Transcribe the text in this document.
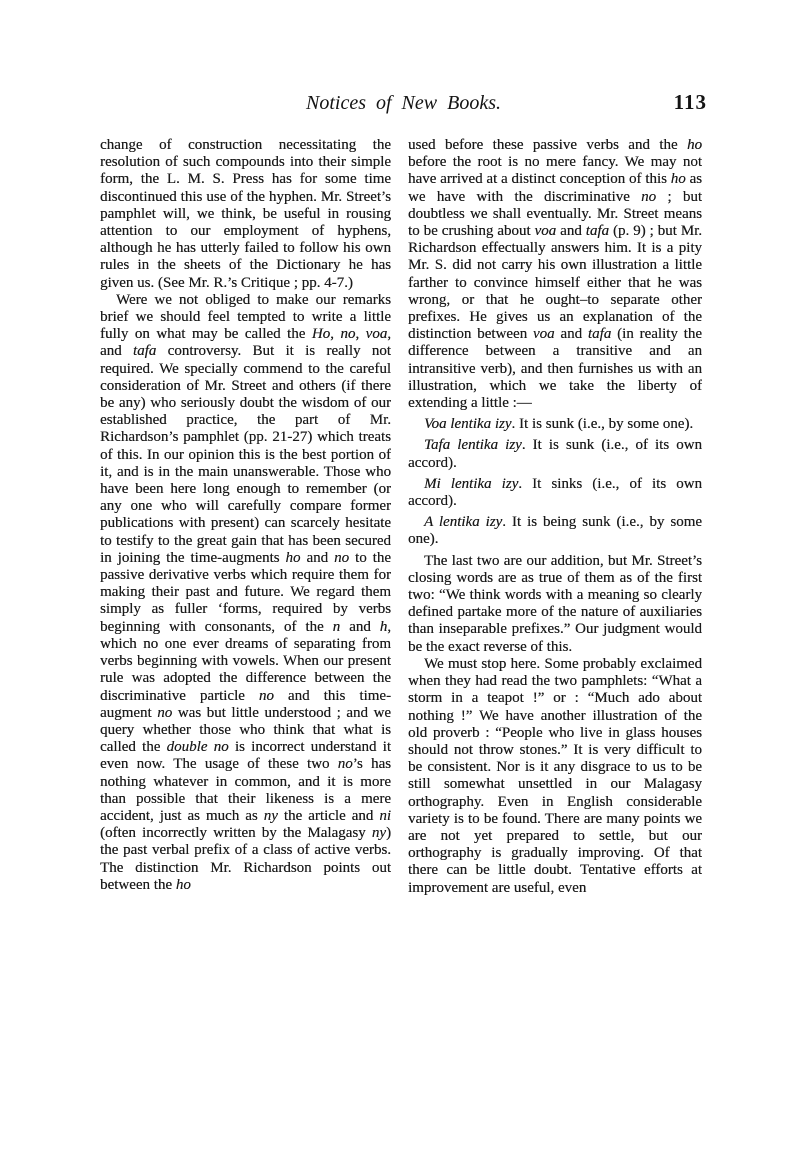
Notices of New Books.	113

change of construction necessitating the resolution of such compounds into their simple form, the L. M. S. Press has for some time discontinued this use of the hyphen. Mr. Street’s pamphlet will, we think, be useful in rousing attention to our employment of hyphens, although he has utterly failed to follow his own rules in the sheets of the Dictionary he has given us. (See Mr. R.’s Critique ; pp. 4-7.)

Were we not obliged to make our remarks brief we should feel tempted to write a little fully on what may be called the Ho, no, voa, and tafa controversy. But it is really not required. We specially commend to the careful consideration of Mr. Street and others (if there be any) who seriously doubt the wisdom of our established practice, the part of Mr. Richardson’s pamphlet (pp. 21-27) which treats of this. In our opinion this is the best portion of it, and is in the main unanswerable. Those who have been here long enough to remember (or any one who will carefully compare former publications with present) can scarcely hesitate to testify to the great gain that has been secured in joining the time-augments ho and no to the passive derivative verbs which require them for making their past and future. We regard them simply as fuller ‘forms, required by verbs beginning with consonants, of the n and h, which no one ever dreams of separating from verbs beginning with vowels. When our present rule was adopted the difference between the discriminative particle no and this time-augment no was but little understood ; and we query whether those who think that what is called the double no is incorrect understand it even now. The usage of these two no’s has nothing whatever in common, and it is more than possible that their likeness is a mere accident, just as much as ny the article and ni (often incorrectly written by the Malagasy ny) the past verbal prefix of a class of active verbs. The distinction Mr. Richardson points out between the ho

used before these passive verbs and the ho before the root is no mere fancy. We may not have arrived at a distinct conception of this ho as we have with the discriminative no ; but doubtless we shall eventually. Mr. Street means to be crushing about voa and tafa (p. 9) ; but Mr. Richardson effectually answers him. It is a pity Mr. S. did not carry his own illustration a little farther to convince himself either that he was wrong, or that he ought–to separate other prefixes. He gives us an explanation of the distinction between voa and tafa (in reality the difference between a transitive and an intransitive verb), and then furnishes us with an illustration, which we take the liberty of extending a little :—

Voa lentika izy. It is sunk (i.e., by some one).

Tafa lentika izy. It is sunk (i.e., of its own accord).

Mi lentika izy. It sinks (i.e., of its own accord).

A lentika izy. It is being sunk (i.e., by some one).

The last two are our addition, but Mr. Street’s closing words are as true of them as of the first two: “We think words with a meaning so clearly defined partake more of the nature of auxiliaries than inseparable prefixes.” Our judgment would be the exact reverse of this.

We must stop here. Some probably exclaimed when they had read the two pamphlets: “What a storm in a teapot !” or : “Much ado about nothing !” We have another illustration of the old proverb : “People who live in glass houses should not throw stones.” It is very difficult to be consistent. Nor is it any disgrace to us to be still somewhat unsettled in our Malagasy orthography. Even in English considerable variety is to be found. There are many points we are not yet prepared to settle, but our orthography is gradually improving. Of that there can be little doubt. Tentative efforts at improvement are useful, even
